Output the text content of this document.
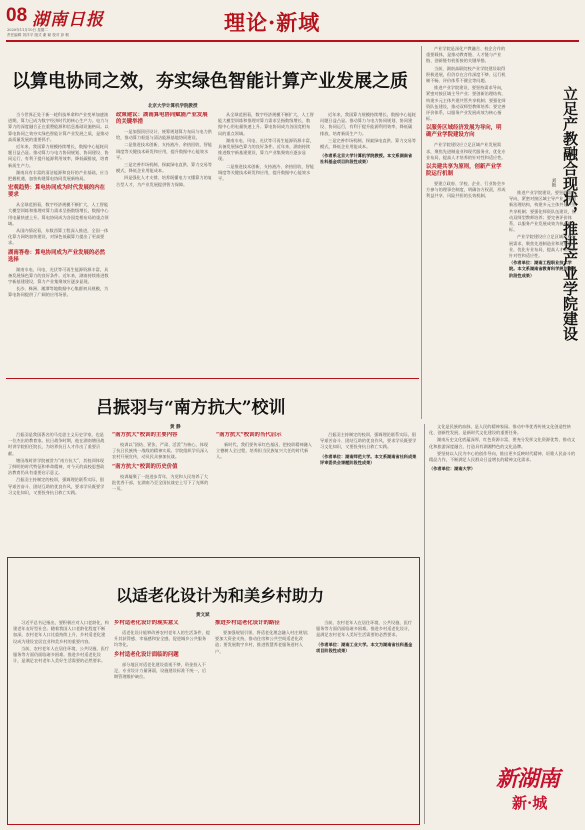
08 湖南日报
2020年11月10日 星期二
责任编辑 刘洋平 版式 谢 颖 校对 彭 桐	理论·新域
以算电协同之效，夯实绿色智能计算产业发展之质
北京大学计算机学院教授

当今世界正处于新一轮科技革命和产业变革加速演进期，算力已成为数字经济时代的核心生产力。电力与算力的深度融合正在重塑能源和信息基础设施格局。以算电协同之效夯实绿色智能计算产业发展之质，是推动高质量发展的重要抓手。

近年来，我国算力规模持续增长，数据中心能耗问题日益凸显。推动算力与电力协同规划、协同建设、协同运行，有利于提升能源利用效率，降低碳排放，培育新质生产力。

湖南具有丰富的清洁能源和良好的产业基础，应当把握机遇，加快构建算电协同发展新格局。

宏观趋势：算电协同成为时代发展的内在要求

从全球范围看，数字经济规模不断扩大，人工智能大模型训练和推理对算力需求呈指数级增长，数据中心用电量快速上升。算电协同成为各国竞相布局的重点领域。

从国内情况看，东数西算工程深入推进，全国一体化算力网络加快建设，对绿色低碳算力提出了更高要求。

湖南答卷：算电协同成为产业发展的必然选择

湖南水电、风电、光伏等可再生能源资源丰富，具备发展绿色算力的良好条件。近年来，湖南持续推进数字新基建建设，算力产业集聚效应逐步显现。

长沙、株洲、湘潭等地数据中心集群初具规模，为算电协同提供了广阔的应用场景。

政策建议：湖南算电协同赋能产业发展的关键举措

一是加强顶层设计，统筹规划算力布局与电力供给，推动算力枢纽与清洁能源基地协同建设。

二是推进技术创新，支持液冷、余热回收、智能调度等关键技术研发和应用，提升数据中心能效水平。

三是完善市场机制，探索绿电直供、算力交易等模式，降低企业用能成本。

四是强化人才支撑，培养既懂电力又懂算力的复合型人才，为产业发展提供智力保障。

从全球范围看，数字经济规模不断扩大，人工智能大模型训练和推理对算力需求呈指数级增长，数据中心用电量快速上升。算电协同成为各国竞相布局的重点领域。

湖南水电、风电、光伏等可再生能源资源丰富，具备发展绿色算力的良好条件。近年来，湖南持续推进数字新基建建设，算力产业集聚效应逐步显现。

二是推进技术创新，支持液冷、余热回收、智能调度等关键技术研发和应用，提升数据中心能效水平。

近年来，我国算力规模持续增长，数据中心能耗问题日益凸显。推动算力与电力协同规划、协同建设、协同运行，有利于提升能源利用效率，降低碳排放，培育新质生产力。

三是完善市场机制，探索绿电直供、算力交易等模式，降低企业用能成本。

（作者系北京大学计算机学院教授。本文系湖南省社科基金项目阶段性成果）	立足产教融合现状，推进产业学院建设
刘艳

产业学院是深化产教融合、校企合作的重要载体，是推动教育链、人才链与产业链、创新链有机衔接的关键举措。

当前，湖南高职院校产业学院建设取得积极进展，但仍存在合作深度不够、运行机制不畅、评价体系不健全等问题。

推进产业学院建设，要坚持需求导向，紧密对接区域主导产业；要创新治理结构，构建多元主体共建共管共享机制；要强化师资队伍建设，推动双师型教师培养；要完善评价体系，以服务产业发展成效为核心指标。

以服务区域经济发展为导向，明确产业学院建设方向

产业学院建设应立足区域产业发展需求，聚焦先进制造业和现代服务业，优化专业布局，提高人才培养的针对性和适应性。

以共建共享为原则，创新产业学院运行机制

要建立政府、学校、企业、行业协会多方参与的理事会制度，明确各方权责，形成利益共享、风险共担的长效机制。

推进产业学院建设，要坚持需求导向，紧密对接区域主导产业；要创新治理结构，构建多元主体共建共管共享机制；要强化师资队伍建设，推动双师型教师培养；要完善评价体系，以服务产业发展成效为核心指标。

产业学院建设应立足区域产业发展需求，聚焦先进制造业和现代服务业，优化专业布局，提高人才培养的针对性和适应性。

（作者单位：湖南工程职业技术学院。本文系湖南省教育科学规划课题阶段性成果）

吕振羽与“南方抗大”校训
黄 静

吕振羽是我国著名的马克思主义历史学家，也是一位杰出的教育家。抗日战争时期，他在湖南塘田战时讲学院担任院长，为培养抗日人才作出了重要贡献。

塘田战时讲学院被誉为“南方抗大”，其校训体现了鲜明的时代特征和革命精神，对今天的高校思想政治教育仍具有重要启示意义。

吕振羽主持制定的校训，强调理论联系实际，倡导艰苦奋斗、团结互助的优良作风，要求学员既要学习文化知识，又要投身抗日救亡实践。

“南方抗大”校训的主要内容

校训以“团结、紧张、严肃、活泼”为核心，体现了抗日民族统一战线的精神实质。学院组织学员深入农村开展宣传，动员民众参加抗战。

“南方抗大”校训的历史价值

校训凝聚了一批进步青年，为党和人民培养了大批优秀干部，在湖南乃至全国抗战史上写下了光辉的一页。

“南方抗大”校训的当代启示

新时代，我们要传承红色基因，把校训精神融入立德树人全过程，培养担当民族复兴大任的时代新人。

吕振羽主持制定的校训，强调理论联系实际，倡导艰苦奋斗、团结互助的优良作风，要求学员既要学习文化知识，又要投身抗日救亡实践。

（作者单位：湖南师范大学。本文系湖南省社科成果评审委员会课题阶段性成果）

以适老化设计为和美乡村助力
黄文斌

习近平总书记指出，要积极应对人口老龄化，构建老年友好型社会。随着我国人口老龄化程度不断加深，农村老年人口比重持续上升，乡村适老化建设成为建设宜居宜业和美乡村的重要内容。

当前，农村老年人在居住环境、公共设施、医疗服务等方面仍面临诸多困难。推进乡村适老化设计，是满足农村老年人美好生活需要的必然要求。

乡村适老化设计的现实意义

适老化设计能够改善农村老年人的生活条件，提升其获得感、幸福感和安全感，促进城乡公共服务均等化。

乡村适老化设计面临的问题

部分地区对适老化建设重视不够，资金投入不足，专业设计力量薄弱，设施建设标准不统一，后期管理维护缺位。

推进乡村适老化设计的路径

要加强规划引领，将适老化理念融入村庄规划；要加大资金支持，推动住房和公共空间适老化改造；要发展数字乡村，推进智慧养老服务进村入户。

当前，农村老年人在居住环境、公共设施、医疗服务等方面仍面临诸多困难。推进乡村适老化设计，是满足农村老年人美好生活需要的必然要求。

（作者单位：湖南工业大学。本文为湖南省社科基金项目阶段性成果）

文化是民族的血脉，是人民的精神家园。推动中华优秀传统文化创造性转化、创新性发展，是新时代文化建设的重要任务。

湖南历史文化底蕴深厚，红色资源丰富，要充分发挥文化资源优势，推动文化和旅游深度融合，打造具有湖湘特色的文化品牌。

要坚持以人民为中心的创作导向，推出更多反映时代精神、讴歌人民奋斗的精品力作，不断满足人民群众日益增长的精神文化需求。

（作者单位：湖南大学）

新湖南
新·城
